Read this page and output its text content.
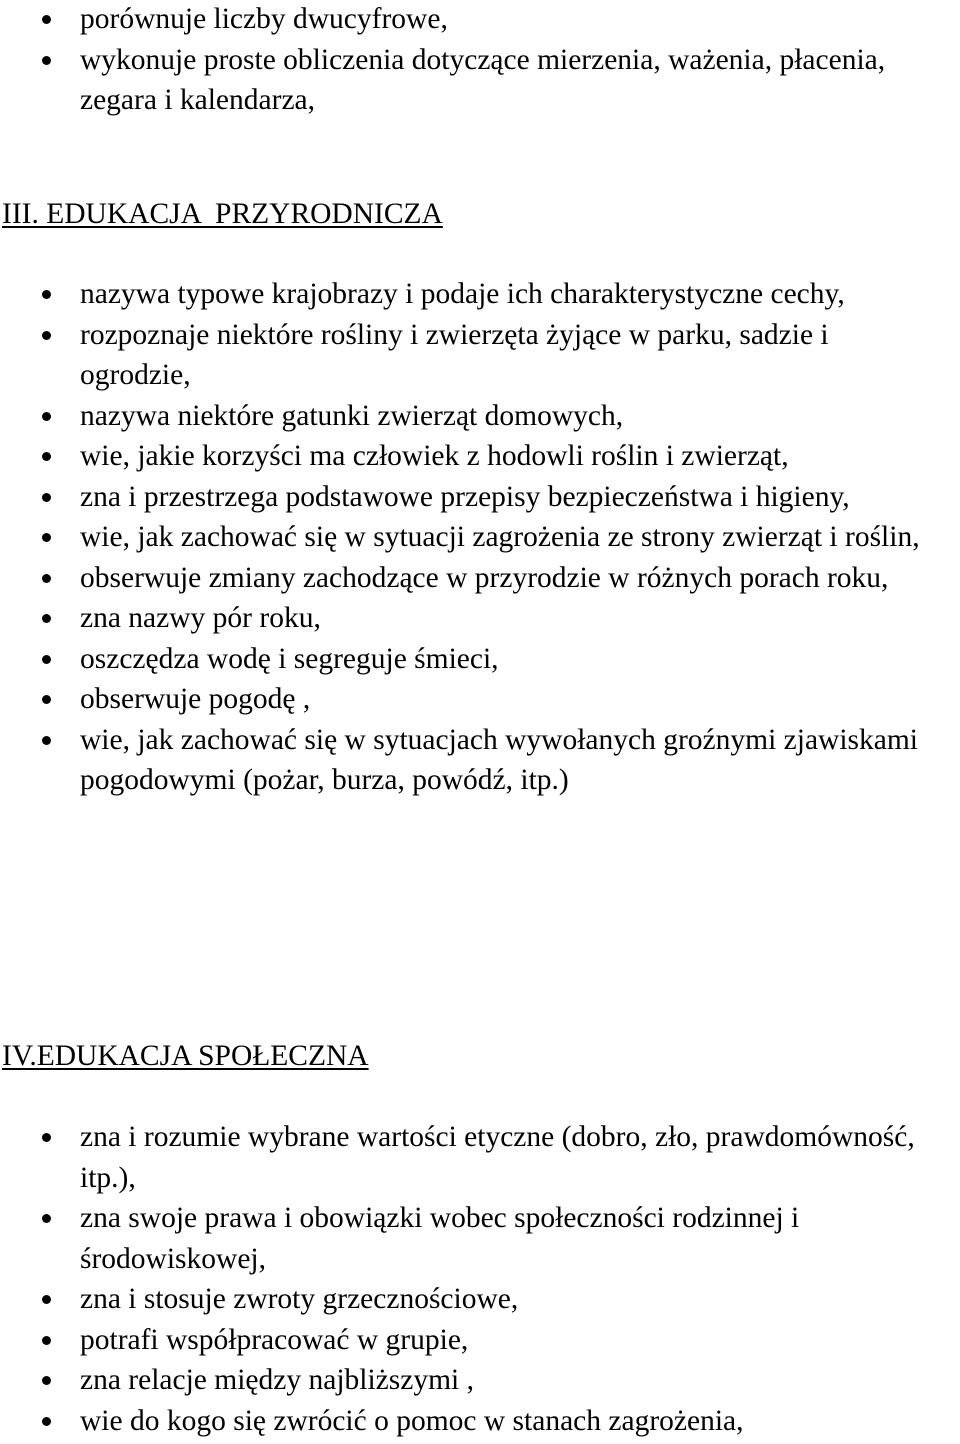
porównuje liczby dwucyfrowe,
wykonuje proste obliczenia dotyczące mierzenia, ważenia, płacenia, zegara i kalendarza,
III. EDUKACJA  PRZYRODNICZA
nazywa typowe krajobrazy i podaje ich charakterystyczne cechy,
rozpoznaje niektóre rośliny i zwierzęta żyjące w parku, sadzie i ogrodzie,
nazywa niektóre gatunki zwierząt domowych,
wie, jakie korzyści ma człowiek z hodowli roślin i zwierząt,
zna i przestrzega podstawowe przepisy bezpieczeństwa i higieny,
wie, jak zachować się w sytuacji zagrożenia ze strony zwierząt i roślin,
obserwuje zmiany zachodzące w przyrodzie w różnych porach roku,
zna nazwy pór roku,
oszczędza wodę i segreguje śmieci,
obserwuje pogodę ,
wie, jak zachować się w sytuacjach wywołanych groźnymi zjawiskami pogodowymi (pożar, burza, powódź, itp.)
IV.EDUKACJA SPOŁECZNA
zna i rozumie wybrane wartości etyczne (dobro, zło, prawdomówność, itp.),
zna swoje prawa i obowiązki wobec społeczności rodzinnej i środowiskowej,
zna i stosuje zwroty grzecznościowe,
potrafi współpracować w grupie,
zna relacje między najbliższymi ,
wie do kogo się zwrócić o pomoc w stanach zagrożenia,
